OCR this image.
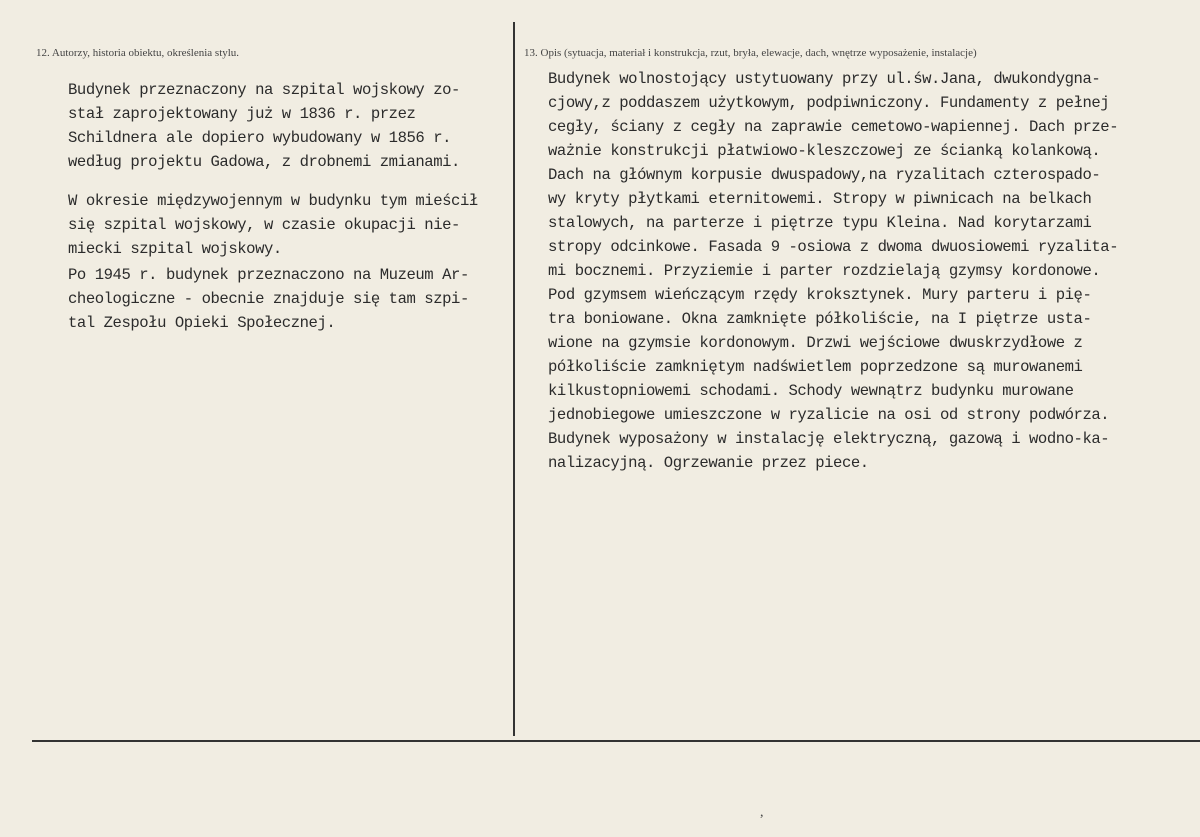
12. Autorzy, historia obiektu, określenia stylu.	13. Opis (sytuacja, materiał i konstrukcja, rzut, bryła, elewacje, dach, wnętrze wyposażenie, instalacje)
Budynek przeznaczony na szpital wojskowy zo-
stał zaprojektowany już w 1836 r. przez
Schildnera ale dopiero wybudowany w 1856 r.
według projektu Gadowa, z drobnemi zmianami.
W okresie międzywojennym w budynku tym mieścił
się szpital wojskowy, w czasie okupacji nie-
miecki szpital wojskowy.
Po 1945 r. budynek przeznaczono na Muzeum Ar-
cheologiczne - obecnie znajduje się tam szpi-
tal Zespołu Opieki Społecznej.
Budynek wolnostojący ustytuowany przy ul.św.Jana, dwukondygna-
cjowy,z poddaszem użytkowym, podpiwniczony. Fundamenty z pełnej
cegły, ściany z cegły na zaprawie cemetowo-wapiennej. Dach prze-
ważnie konstrukcji płatwiowo-kleszczowej ze ścianką kolankową.
Dach na głównym korpusie dwuspadowy,na ryzalitach czterospado-
wy kryty płytkami eternitowemi. Stropy w piwnicach na belkach
stalowych, na parterze i piętrze typu Kleina. Nad korytarzami
stropy odcinkowe. Fasada 9 -osiowa z dwoma dwuosiowemi ryzalita-
mi bocznemi. Przyziemie i parter rozdzielają gzymsy kordonowe.
Pod gzymsem wieńczącym rzędy kroksztynek. Mury parteru i pię-
tra boniowane. Okna zamknięte półkoliście, na I piętrze usta-
wione na gzymsie kordonowym. Drzwi wejściowe dwuskrzydłowe z
półkoliście zamkniętym nadświetlem poprzedzone są murowanemi
kilkustopniowemi schodami. Schody wewnątrz budynku murowane
jednobiegowe umieszczone w ryzalicie na osi od strony podwórza.
Budynek wyposażony w instalację elektryczną, gazową i wodno-ka-
nalizacyjną. Ogrzewanie przez piece.
,
